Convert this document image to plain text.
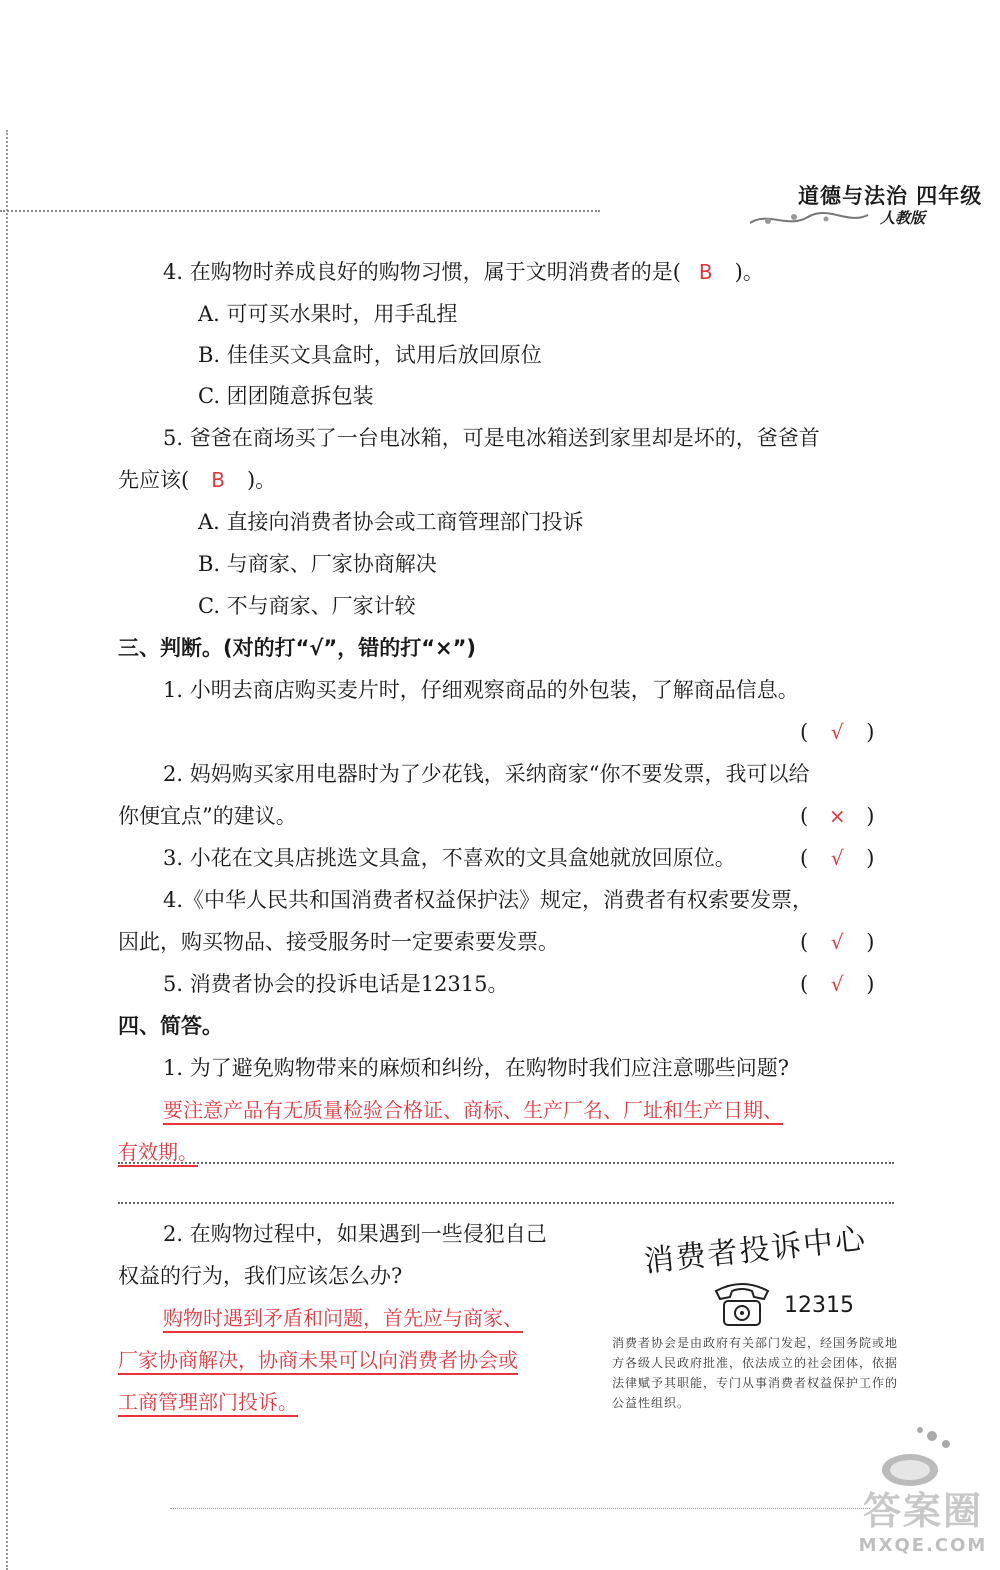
道德与法治 四年级
人教版
4. 在购物时养成良好的购物习惯，属于文明消费者的是( B )。
A. 可可买水果时，用手乱捏
B. 佳佳买文具盒时，试用后放回原位
C. 团团随意拆包装
5. 爸爸在商场买了一台电冰箱，可是电冰箱送到家里却是坏的，爸爸首
先应该( B )。
A. 直接向消费者协会或工商管理部门投诉
B. 与商家、厂家协商解决
C. 不与商家、厂家计较
三、判断。(对的打“√”，错的打“×”)
1. 小明去商店购买麦片时，仔细观察商品的外包装，了解商品信息。
( √ )
2. 妈妈购买家用电器时为了少花钱，采纳商家“你不要发票，我可以给
你便宜点”的建议。	( × )
3. 小花在文具店挑选文具盒，不喜欢的文具盒她就放回原位。	( √ )
4.《中华人民共和国消费者权益保护法》规定，消费者有权索要发票，
因此，购买物品、接受服务时一定要索要发票。	( √ )
5. 消费者协会的投诉电话是12315。	( √ )
四、简答。
1. 为了避免购物带来的麻烦和纠纷，在购物时我们应注意哪些问题?
要注意产品有无质量检验合格证、商标、生产厂名、厂址和生产日期、
有效期。
2. 在购物过程中，如果遇到一些侵犯自己
权益的行为，我们应该怎么办?
购物时遇到矛盾和问题，首先应与商家、
厂家协商解决，协商未果可以向消费者协会或
工商管理部门投诉。
消费者投诉中心
12315
消费者协会是由政府有关部门发起，经国务院或地方各级人民政府批准，依法成立的社会团体，依据法律赋予其职能，专门从事消费者权益保护工作的公益性组织。
答案圈
MXQE.COM
